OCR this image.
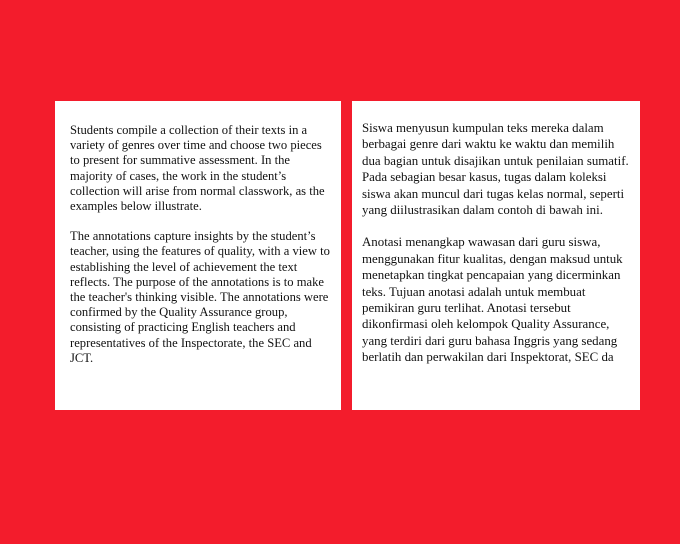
Students compile a collection of their texts in a variety of genres over time and choose two pieces to present for summative assessment. In the majority of cases, the work in the student’s collection will arise from normal classwork, as the examples below illustrate.

The annotations capture insights by the student’s teacher, using the features of quality, with a view to establishing the level of achievement the text reflects. The purpose of the annotations is to make the teacher's thinking visible. The annotations were confirmed by the Quality Assurance group, consisting of practicing English teachers and representatives of the Inspectorate, the SEC and JCT.

Siswa menyusun kumpulan teks mereka dalam berbagai genre dari waktu ke waktu dan memilih dua bagian untuk disajikan untuk penilaian sumatif. Pada sebagian besar kasus, tugas dalam koleksi siswa akan muncul dari tugas kelas normal, seperti yang diilustrasikan dalam contoh di bawah ini.

Anotasi menangkap wawasan dari guru siswa, menggunakan fitur kualitas, dengan maksud untuk menetapkan tingkat pencapaian yang dicerminkan teks. Tujuan anotasi adalah untuk membuat pemikiran guru terlihat. Anotasi tersebut dikonfirmasi oleh kelompok Quality Assurance, yang terdiri dari guru bahasa Inggris yang sedang berlatih dan perwakilan dari Inspektorat, SEC da
